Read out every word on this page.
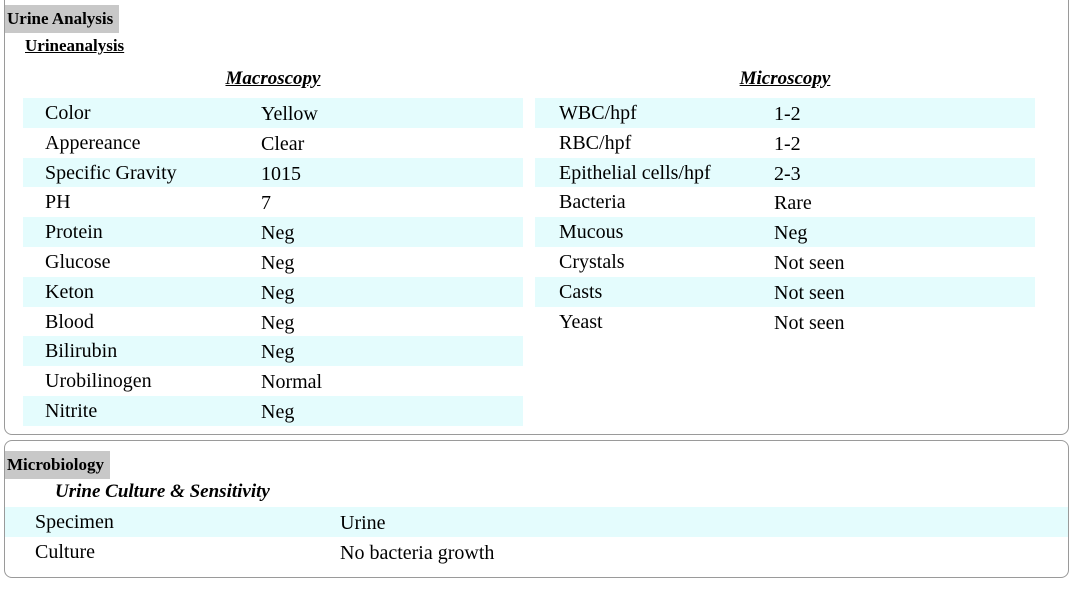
Urine Analysis
Urineanalysis
Macroscopy	Microscopy
Color	Yellow
Appereance	Clear
Specific Gravity	1015
PH	7
Protein	Neg
Glucose	Neg
Keton	Neg
Blood	Neg
Bilirubin	Neg
Urobilinogen	Normal
Nitrite	Neg
WBC/hpf	1-2
RBC/hpf	1-2
Epithelial cells/hpf	2-3
Bacteria	Rare
Mucous	Neg
Crystals	Not seen
Casts	Not seen
Yeast	Not seen
Microbiology
Urine Culture & Sensitivity
Specimen	Urine
Culture	No bacteria growth
